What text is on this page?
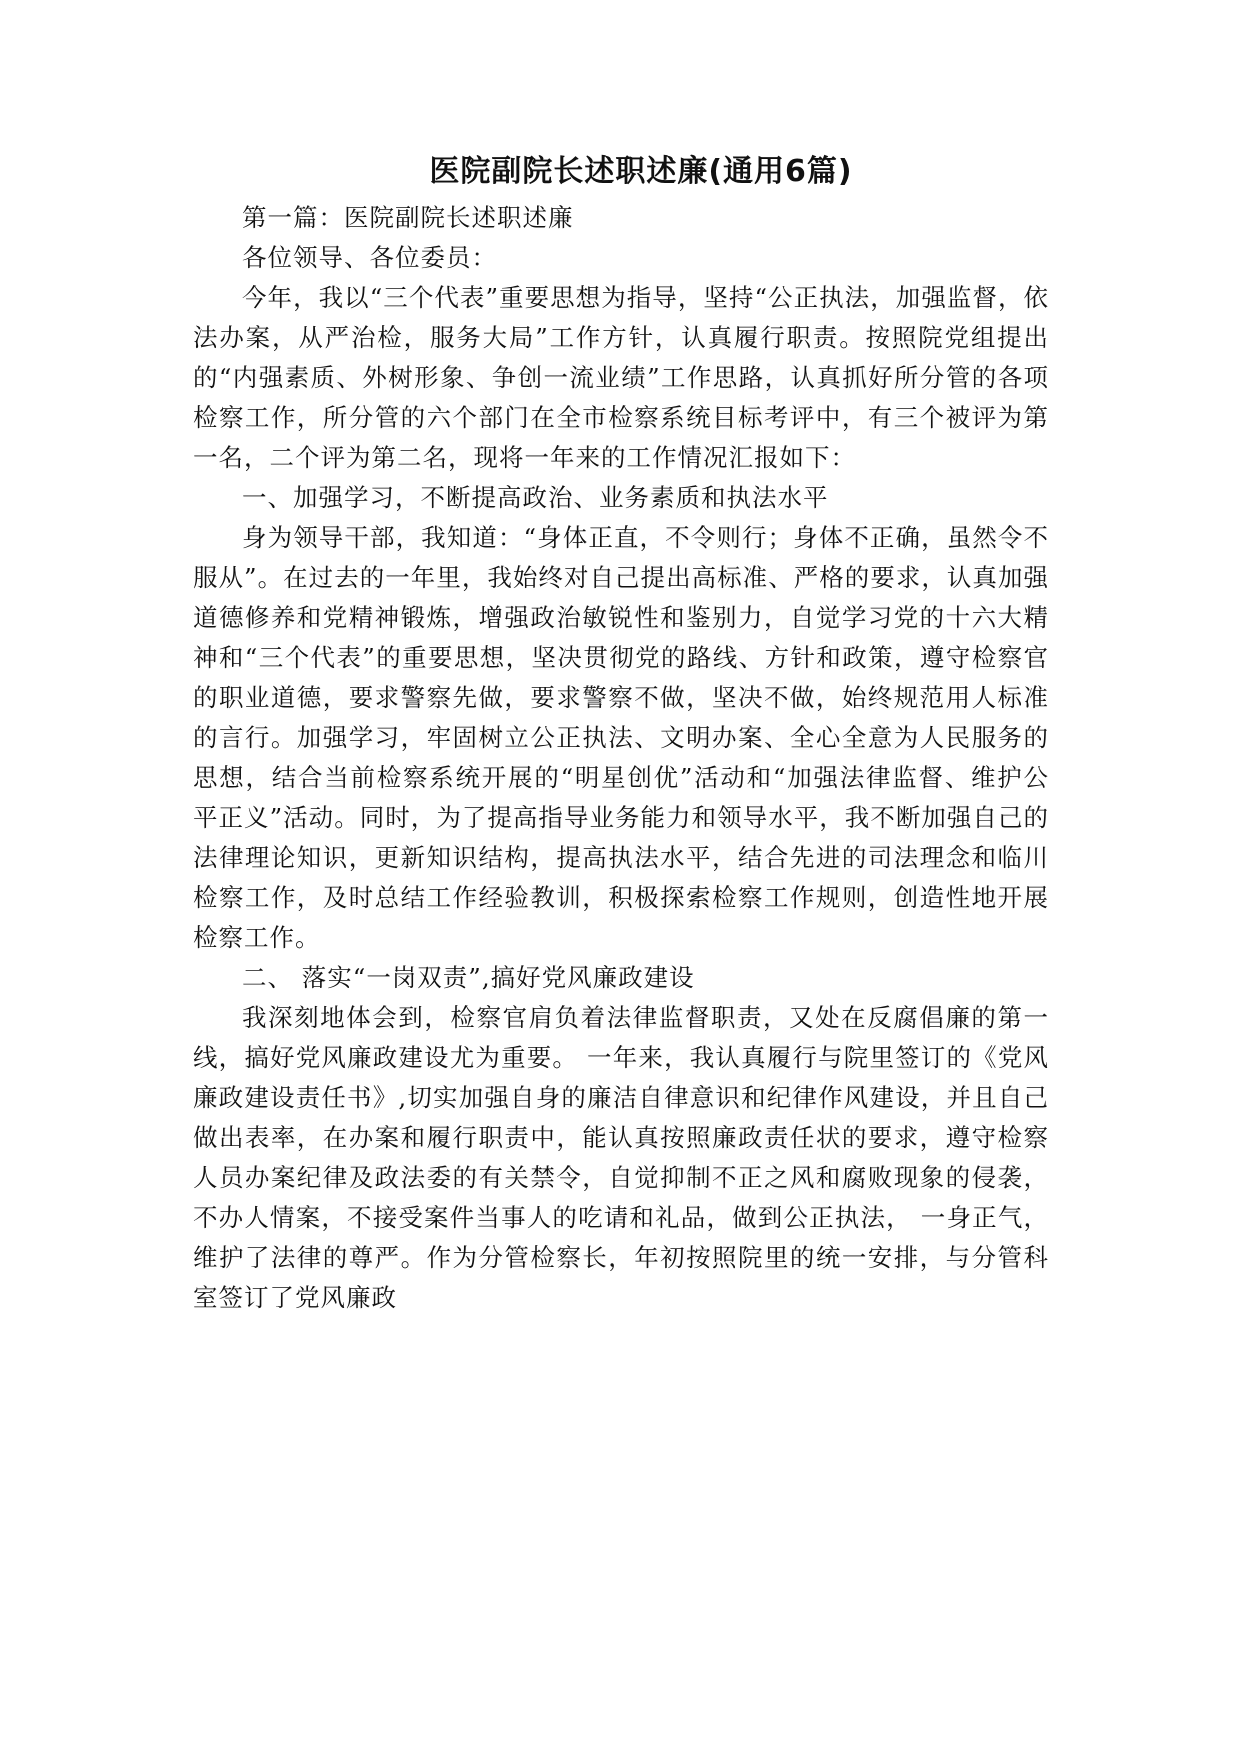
医院副院长述职述廉(通用6篇)

第一篇：医院副院长述职述廉

各位领导、各位委员：

今年，我以“三个代表”重要思想为指导，坚持“公正执法，加强监督，依法办案，从严治检，服务大局”工作方针，认真履行职责。按照院党组提出的“内强素质、外树形象、争创一流业绩”工作思路，认真抓好所分管的各项检察工作，所分管的六个部门在全市检察系统目标考评中，有三个被评为第一名，二个评为第二名，现将一年来的工作情况汇报如下：

一、加强学习，不断提高政治、业务素质和执法水平

身为领导干部，我知道：“身体正直，不令则行；身体不正确，虽然令不服从”。在过去的一年里，我始终对自己提出高标准、严格的要求，认真加强道德修养和党精神锻炼，增强政治敏锐性和鉴别力，自觉学习党的十六大精神和“三个代表”的重要思想，坚决贯彻党的路线、方针和政策，遵守检察官的职业道德，要求警察先做，要求警察不做，坚决不做，始终规范用人标准的言行。加强学习，牢固树立公正执法、文明办案、全心全意为人民服务的思想，结合当前检察系统开展的“明星创优”活动和“加强法律监督、维护公平正义”活动。同时，为了提高指导业务能力和领导水平，我不断加强自己的法律理论知识，更新知识结构，提高执法水平，结合先进的司法理念和临川检察工作，及时总结工作经验教训，积极探索检察工作规则，创造性地开展检察工作。

二、 落实“一岗双责”,搞好党风廉政建设

我深刻地体会到，检察官肩负着法律监督职责，又处在反腐倡廉的第一线，搞好党风廉政建设尤为重要。 一年来，我认真履行与院里签订的《党风廉政建设责任书》,切实加强自身的廉洁自律意识和纪律作风建设，并且自己做出表率，在办案和履行职责中，能认真按照廉政责任状的要求，遵守检察人员办案纪律及政法委的有关禁令，自觉抑制不正之风和腐败现象的侵袭，不办人情案，不接受案件当事人的吃请和礼品，做到公正执法， 一身正气，维护了法律的尊严。作为分管检察长，年初按照院里的统一安排，与分管科室签订了党风廉政
